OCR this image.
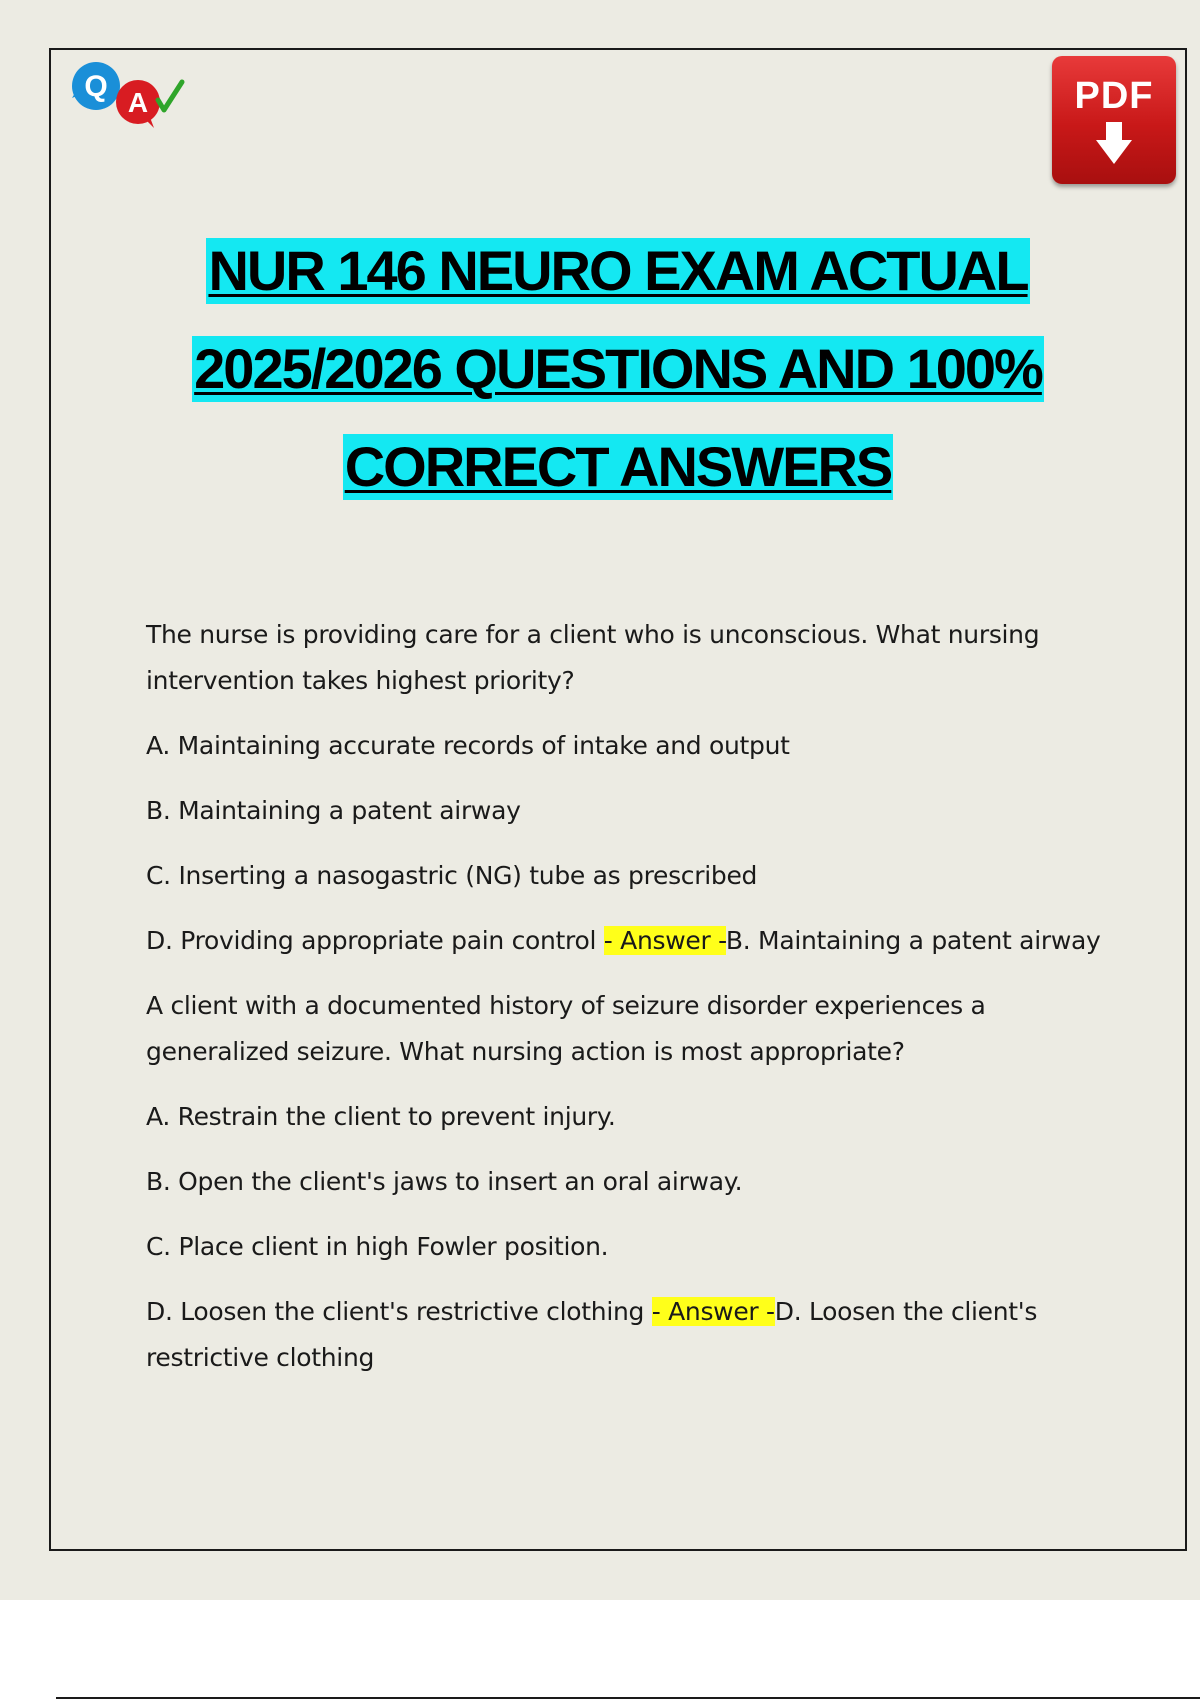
Q A	PDF
NUR 146 NEURO EXAM ACTUAL
2025/2026 QUESTIONS AND 100%
CORRECT ANSWERS

The nurse is providing care for a client who is unconscious. What nursing intervention takes highest priority?

A. Maintaining accurate records of intake and output

B. Maintaining a patent airway

C. Inserting a nasogastric (NG) tube as prescribed

D. Providing appropriate pain control - Answer -B. Maintaining a patent airway

A client with a documented history of seizure disorder experiences a generalized seizure. What nursing action is most appropriate?

A. Restrain the client to prevent injury.

B. Open the client's jaws to insert an oral airway.

C. Place client in high Fowler position.

D. Loosen the client's restrictive clothing - Answer -D. Loosen the client's restrictive clothing
